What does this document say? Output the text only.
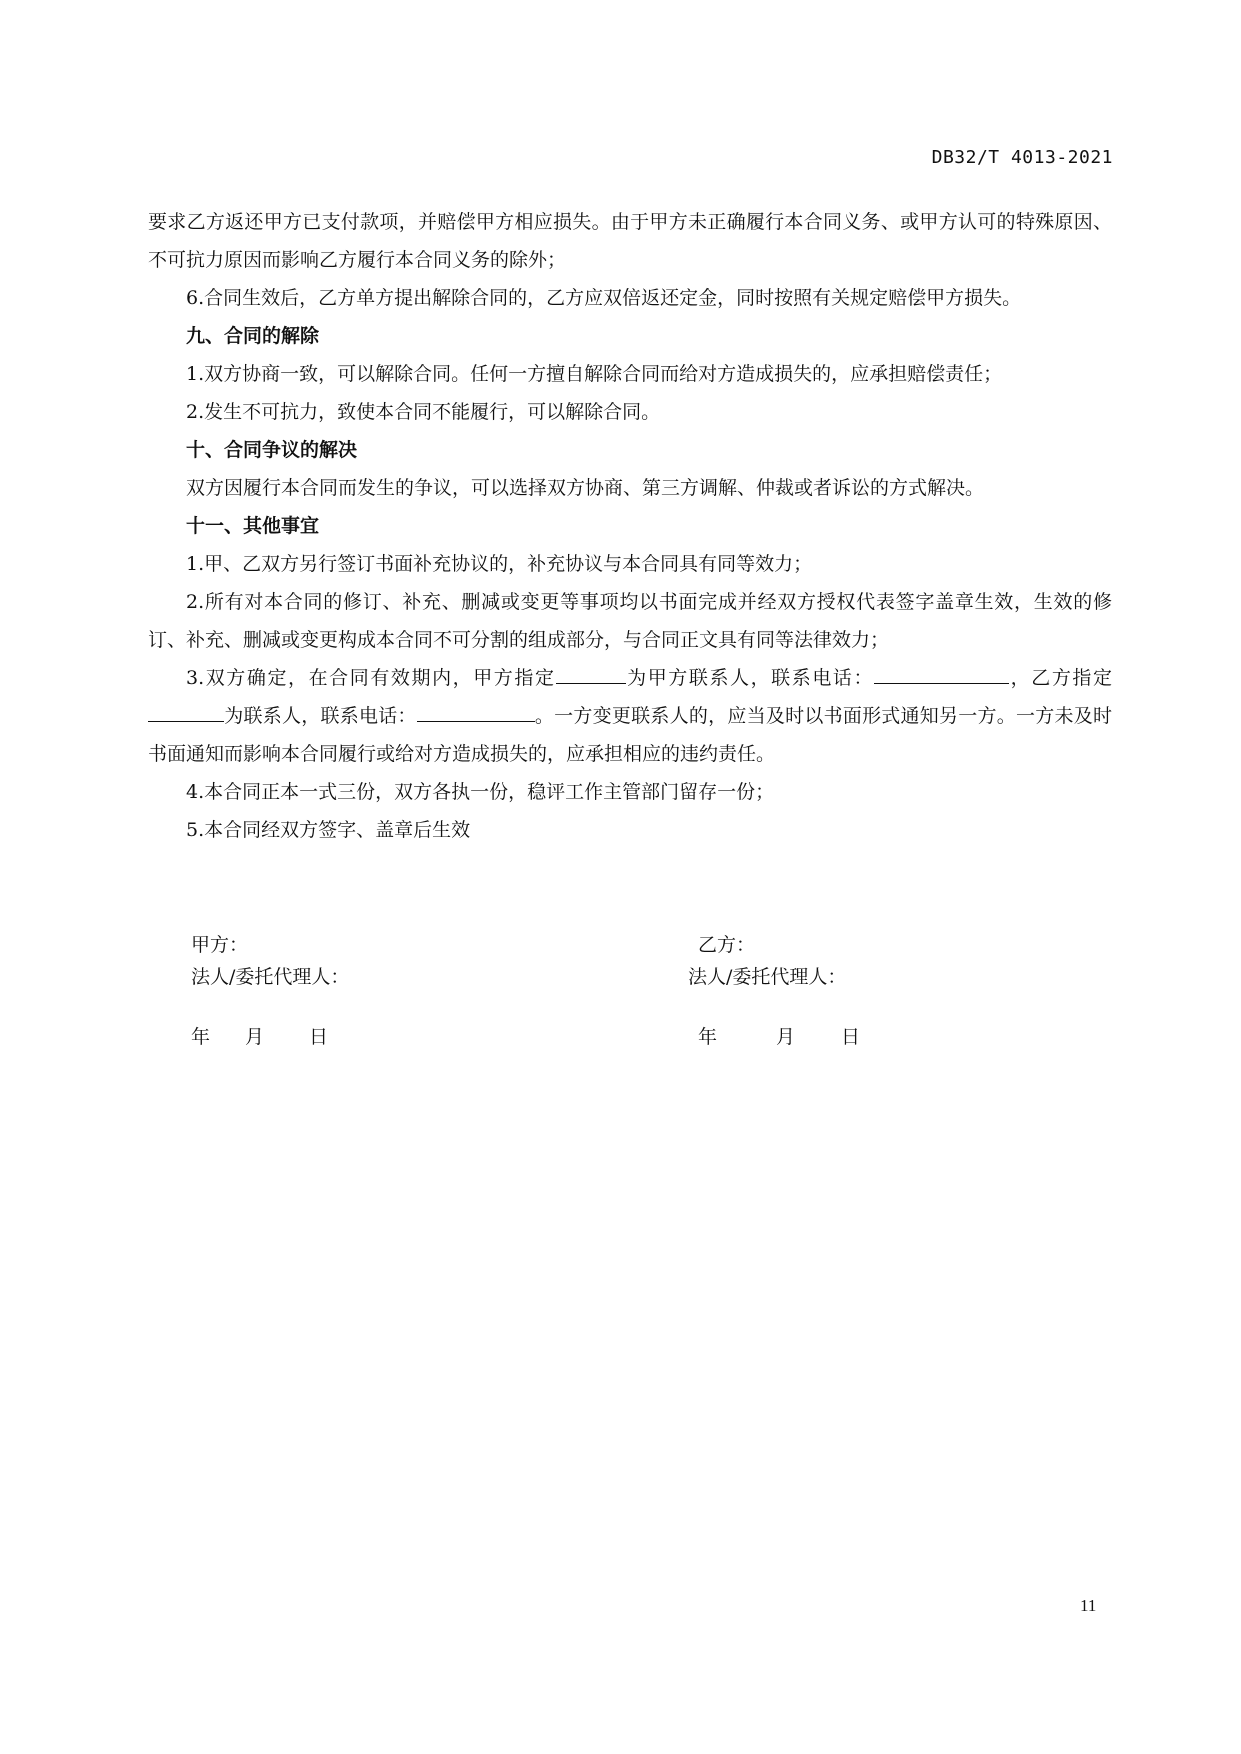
DB32/T 4013-2021

要求乙方返还甲方已支付款项，并赔偿甲方相应损失。由于甲方未正确履行本合同义务、或甲方认可的特殊原因、不可抗力原因而影响乙方履行本合同义务的除外；

6.合同生效后，乙方单方提出解除合同的，乙方应双倍返还定金，同时按照有关规定赔偿甲方损失。

九、合同的解除

1.双方协商一致，可以解除合同。任何一方擅自解除合同而给对方造成损失的，应承担赔偿责任；

2.发生不可抗力，致使本合同不能履行，可以解除合同。

十、合同争议的解决

双方因履行本合同而发生的争议，可以选择双方协商、第三方调解、仲裁或者诉讼的方式解决。

十一、其他事宜

1.甲、乙双方另行签订书面补充协议的，补充协议与本合同具有同等效力；

2.所有对本合同的修订、补充、删减或变更等事项均以书面完成并经双方授权代表签字盖章生效，生效的修订、补充、删减或变更构成本合同不可分割的组成部分，与合同正文具有同等法律效力；

3.双方确定，在合同有效期内，甲方指定	为甲方联系人，联系电话：	，乙方指定为联系人，联系电话：	。一方变更联系人的，应当及时以书面形式通知另一方。一方未及时书面通知而影响本合同履行或给对方造成损失的，应承担相应的违约责任。

4.本合同正本一式三份，双方各执一份，稳评工作主管部门留存一份；

5.本合同经双方签字、盖章后生效

甲方：
法人/委托代理人：
年 月 日
乙方：
法人/委托代理人：
年	月 日
11
